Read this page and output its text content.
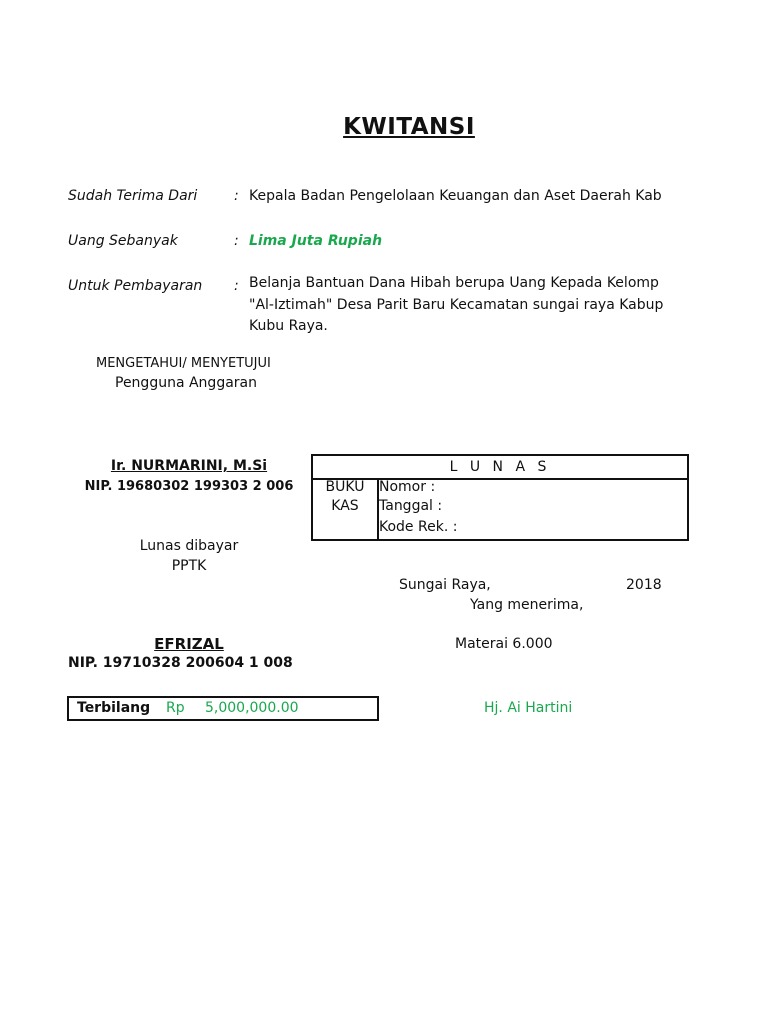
KWITANSI
Sudah Terima Dari	: Kepala Badan Pengelolaan Keuangan dan Aset Daerah Kab
Uang Sebanyak	: Lima Juta Rupiah
Untuk Pembayaran : Belanja Bantuan Dana Hibah berupa Uang Kepada Kelomp
"Al-Iztimah" Desa Parit Baru Kecamatan sungai raya Kabup
Kubu Raya.
MENGETAHUI/ MENYETUJUI
Pengguna Anggaran
Ir. NURMARINI, M.Si
NIP. 19680302 199303 2 006
L U N A S
BUKU
KAS
Nomor :
Tanggal :
Kode Rek. :
Lunas dibayar
PPTK
EFRIZAL
NIP. 19710328 200604 1 008
Sungai Raya,	2018
Yang menerima,
Materai 6.000
Hj. Ai Hartini
Terbilang Rp 5,000,000.00
